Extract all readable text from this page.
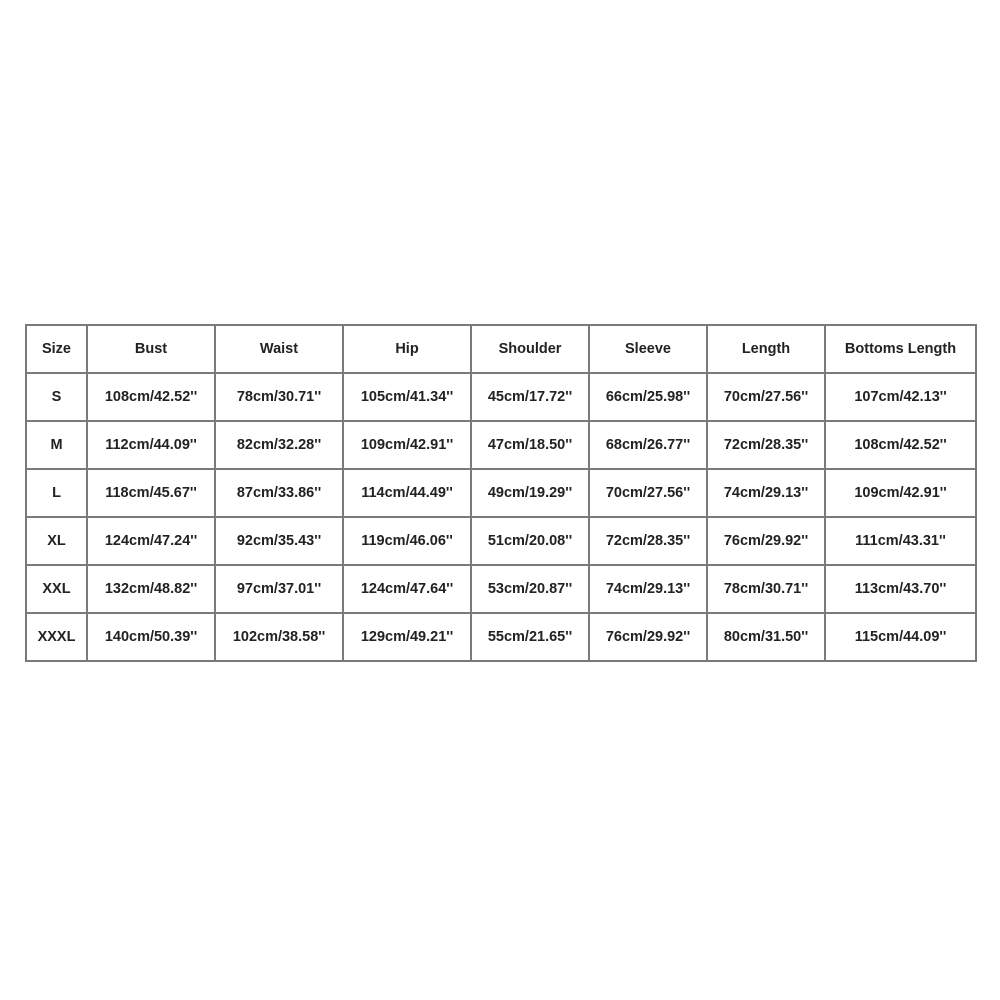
Size	Bust	Waist	Hip	Shoulder	Sleeve	Length	Bottoms Length
S	108cm/42.52''	78cm/30.71''	105cm/41.34''	45cm/17.72''	66cm/25.98''	70cm/27.56''	107cm/42.13''
M	112cm/44.09''	82cm/32.28''	109cm/42.91''	47cm/18.50''	68cm/26.77''	72cm/28.35''	108cm/42.52''
L	118cm/45.67''	87cm/33.86''	114cm/44.49''	49cm/19.29''	70cm/27.56''	74cm/29.13''	109cm/42.91''
XL	124cm/47.24''	92cm/35.43''	119cm/46.06''	51cm/20.08''	72cm/28.35''	76cm/29.92''	111cm/43.31''
XXL	132cm/48.82''	97cm/37.01''	124cm/47.64''	53cm/20.87''	74cm/29.13''	78cm/30.71''	113cm/43.70''
XXXL	140cm/50.39''	102cm/38.58''	129cm/49.21''	55cm/21.65''	76cm/29.92''	80cm/31.50''	115cm/44.09''
